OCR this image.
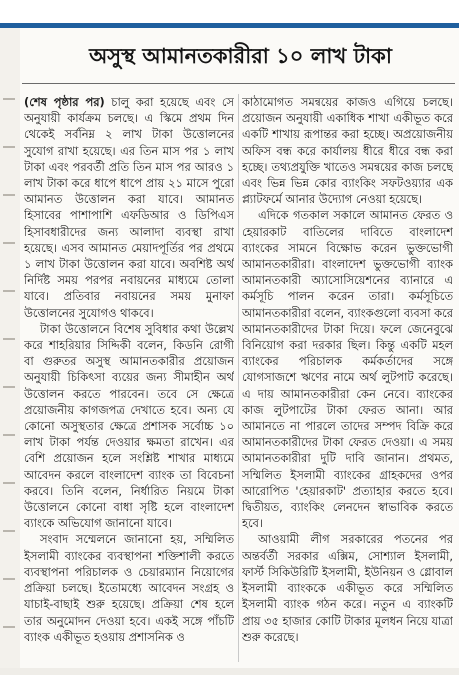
অসুস্থ আমানতকারীরা ১০ লাখ টাকা

(শেষ পৃষ্ঠার পর) চালু করা হয়েছে এবং সে অনুযায়ী কার্যক্রম চলছে। এ স্কিমে প্রথম দিন থেকেই সর্বনিম্ন ২ লাখ টাকা উত্তোলনের সুযোগ রাখা হয়েছে। এর তিন মাস পর ১ লাখ টাকা এবং পরবর্তী প্রতি তিন মাস পর আরও ১ লাখ টাকা করে ধাপে ধাপে প্রায় ২১ মাসে পুরো আমানত উত্তোলন করা যাবে। আমানত হিসাবের পাশাপাশি এফডিআর ও ডিপিএস হিসাবধারীদের জন্য আলাদা ব্যবস্থা রাখা হয়েছে। এসব আমানত মেয়াদপূর্তির পর প্রথমে ১ লাখ টাকা উত্তোলন করা যাবে। অবশিষ্ট অর্থ নির্দিষ্ট সময় পরপর নবায়নের মাধ্যমে তোলা যাবে। প্রতিবার নবায়নের সময় মুনাফা উত্তোলনের সুযোগও থাকবে।

টাকা উত্তোলনে বিশেষ সুবিধার কথা উল্লেখ করে শাহরিয়ার সিদ্দিকী বলেন, কিডনি রোগী বা গুরুতর অসুস্থ আমানতকারীর প্রয়োজন অনুযায়ী চিকিৎসা ব্যয়ের জন্য সীমাহীন অর্থ উত্তোলন করতে পারবেন। তবে সে ক্ষেত্রে প্রয়োজনীয় কাগজপত্র দেখাতে হবে। অন্য যে কোনো অসুস্থতার ক্ষেত্রে প্রশাসক সর্বোচ্চ ১০ লাখ টাকা পর্যন্ত দেওয়ার ক্ষমতা রাখেন। এর বেশি প্রয়োজন হলে সংশ্লিষ্ট শাখার মাধ্যমে আবেদন করলে বাংলাদেশ ব্যাংক তা বিবেচনা করবে। তিনি বলেন, নির্ধারিত নিয়মে টাকা উত্তোলনে কোনো বাধা সৃষ্টি হলে বাংলাদেশ ব্যাংকে অভিযোগ জানানো যাবে।

সংবাদ সম্মেলনে জানানো হয়, সম্মিলিত ইসলামী ব্যাংকের ব্যবস্থাপনা শক্তিশালী করতে ব্যবস্থাপনা পরিচালক ও চেয়ারম্যান নিয়োগের প্রক্রিয়া চলছে। ইতোমধ্যে আবেদন সংগ্রহ ও যাচাই-বাছাই শুরু হয়েছে। প্রক্রিয়া শেষ হলে তার অনুমোদন দেওয়া হবে। একই সঙ্গে পাঁচটি ব্যাংক একীভূত হওয়ায় প্রশাসনিক ও

কাঠামোগত সমন্বয়ের কাজও এগিয়ে চলছে। প্রয়োজন অনুযায়ী একাধিক শাখা একীভূত করে একটি শাখায় রূপান্তর করা হচ্ছে। অপ্রয়োজনীয় অফিস বন্ধ করে কার্যালয় ধীরে ধীরে বন্ধ করা হচ্ছে। তথ্যপ্রযুক্তি খাতেও সমন্বয়ের কাজ চলছে এবং ভিন্ন ভিন্ন কোর ব্যাংকিং সফটওয়্যার এক প্ল্যাটফর্মে আনার উদ্যোগ নেওয়া হয়েছে।

এদিকে গতকাল সকালে আমানত ফেরত ও হেয়ারকাট বাতিলের দাবিতে বাংলাদেশ ব্যাংকের সামনে বিক্ষোভ করেন ভুক্তভোগী আমানতকারীরা। বাংলাদেশ ভুক্তভোগী ব্যাংক আমানতকারী অ্যাসোসিয়েশনের ব্যানারে এ কর্মসূচি পালন করেন তারা। কর্মসূচিতে আমানতকারীরা বলেন, ব্যাংকগুলো ব্যবসা করে আমানতকারীদের টাকা দিয়ে। ফলে জেনেবুঝে বিনিয়োগ করা দরকার ছিল। কিন্তু একটি মহল ব্যাংকের পরিচালক কর্মকর্তাদের সঙ্গে যোগসাজশে ঋণের নামে অর্থ লুটপাট করেছে। এ দায় আমানতকারীরা কেন নেবে। ব্যাংকের কাজ লুটপাটের টাকা ফেরত আনা। আর আমানতে না পারলে তাদের সম্পদ বিক্রি করে আমানতকারীদের টাকা ফেরত দেওয়া। এ সময় আমানতকারীরা দুটি দাবি জানান। প্রথমত, সম্মিলিত ইসলামী ব্যাংকের গ্রাহকদের ওপর আরোপিত 'হেয়ারকাট' প্রত্যাহার করতে হবে। দ্বিতীয়ত, ব্যাংকিং লেনদেন স্বাভাবিক করতে হবে।

আওয়ামী লীগ সরকারের পতনের পর অন্তর্বর্তী সরকার এক্সিম, সোশ্যাল ইসলামী, ফার্স্ট সিকিউরিটি ইসলামী, ইউনিয়ন ও গ্লোবাল ইসলামী ব্যাংককে একীভূত করে সম্মিলিত ইসলামী ব্যাংক গঠন করে। নতুন এ ব্যাংকটি প্রায় ৩৫ হাজার কোটি টাকার মূলধন নিয়ে যাত্রা শুরু করেছে।
